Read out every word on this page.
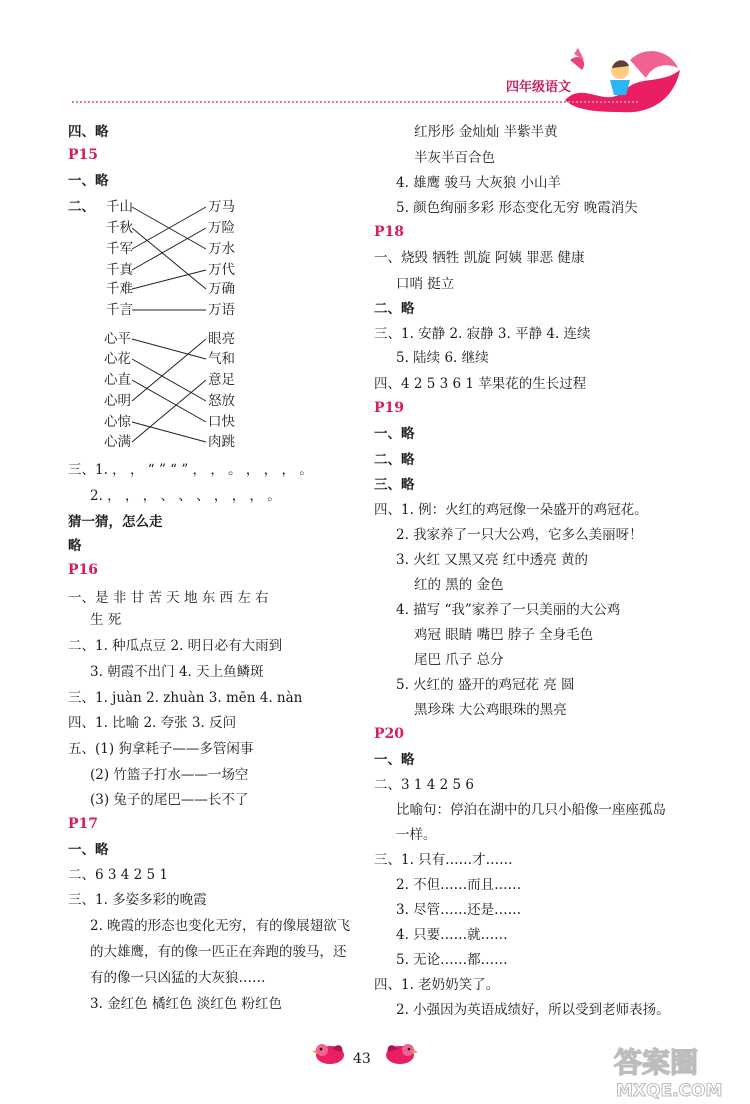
四年级语文
四、略
P15
一、略
二、 千山
千秋
千军
千真
千难
千言
万马
万险
万水
万代
万确
万语
心平
心花
心直
心明
心惊
心满
眼亮
气和
意足
怒放
口快
肉跳
三、1. ， ， “ ” “ ” ， ， 。 ， ， ， 。
2. ， ， ， 、 、 、 ， ， ， 。
猜一猜，怎么走
略
P16
一、是 非 甘 苦 天 地 东 西 左 右
生 死
二、1. 种瓜点豆 2. 明日必有大雨到
3. 朝霞不出门 4. 天上鱼鳞斑
三、1. juàn 2. zhuàn 3. mēn 4. nàn
四、1. 比喻 2. 夸张 3. 反问
五、(1) 狗拿耗子——多管闲事
(2) 竹篮子打水——一场空
(3) 兔子的尾巴——长不了
P17
一、略
二、6 3 4 2 5 1
三、1. 多姿多彩的晚霞
2. 晚霞的形态也变化无穷，有的像展翅欲飞
的大雄鹰，有的像一匹正在奔跑的骏马，还
有的像一只凶猛的大灰狼……
3. 金红色 橘红色 淡红色 粉红色
红彤彤 金灿灿 半紫半黄
半灰半百合色
4. 雄鹰 骏马 大灰狼 小山羊
5. 颜色绚丽多彩 形态变化无穷 晚霞消失
P18
一、烧毁 牺牲 凯旋 阿姨 罪恶 健康
口哨 挺立
二、略
三、1. 安静 2. 寂静 3. 平静 4. 连续
5. 陆续 6. 继续
四、4 2 5 3 6 1 苹果花的生长过程
P19
一、略
二、略
三、略
四、1. 例：火红的鸡冠像一朵盛开的鸡冠花。
2. 我家养了一只大公鸡，它多么美丽呀！
3. 火红 又黑又亮 红中透亮 黄的
红的 黑的 金色
4. 描写 “我”家养了一只美丽的大公鸡
鸡冠 眼睛 嘴巴 脖子 全身毛色
尾巴 爪子 总分
5. 火红的 盛开的鸡冠花 亮 圆
黑珍珠 大公鸡眼珠的黑亮
P20
一、略
二、3 1 4 2 5 6
比喻句：停泊在湖中的几只小船像一座座孤岛
一样。
三、1. 只有……才……
2. 不但……而且……
3. 尽管……还是……
4. 只要……就……
5. 无论……都……
四、1. 老奶奶笑了。
2. 小强因为英语成绩好，所以受到老师表扬。
43	答案圈
MXQE.COM
